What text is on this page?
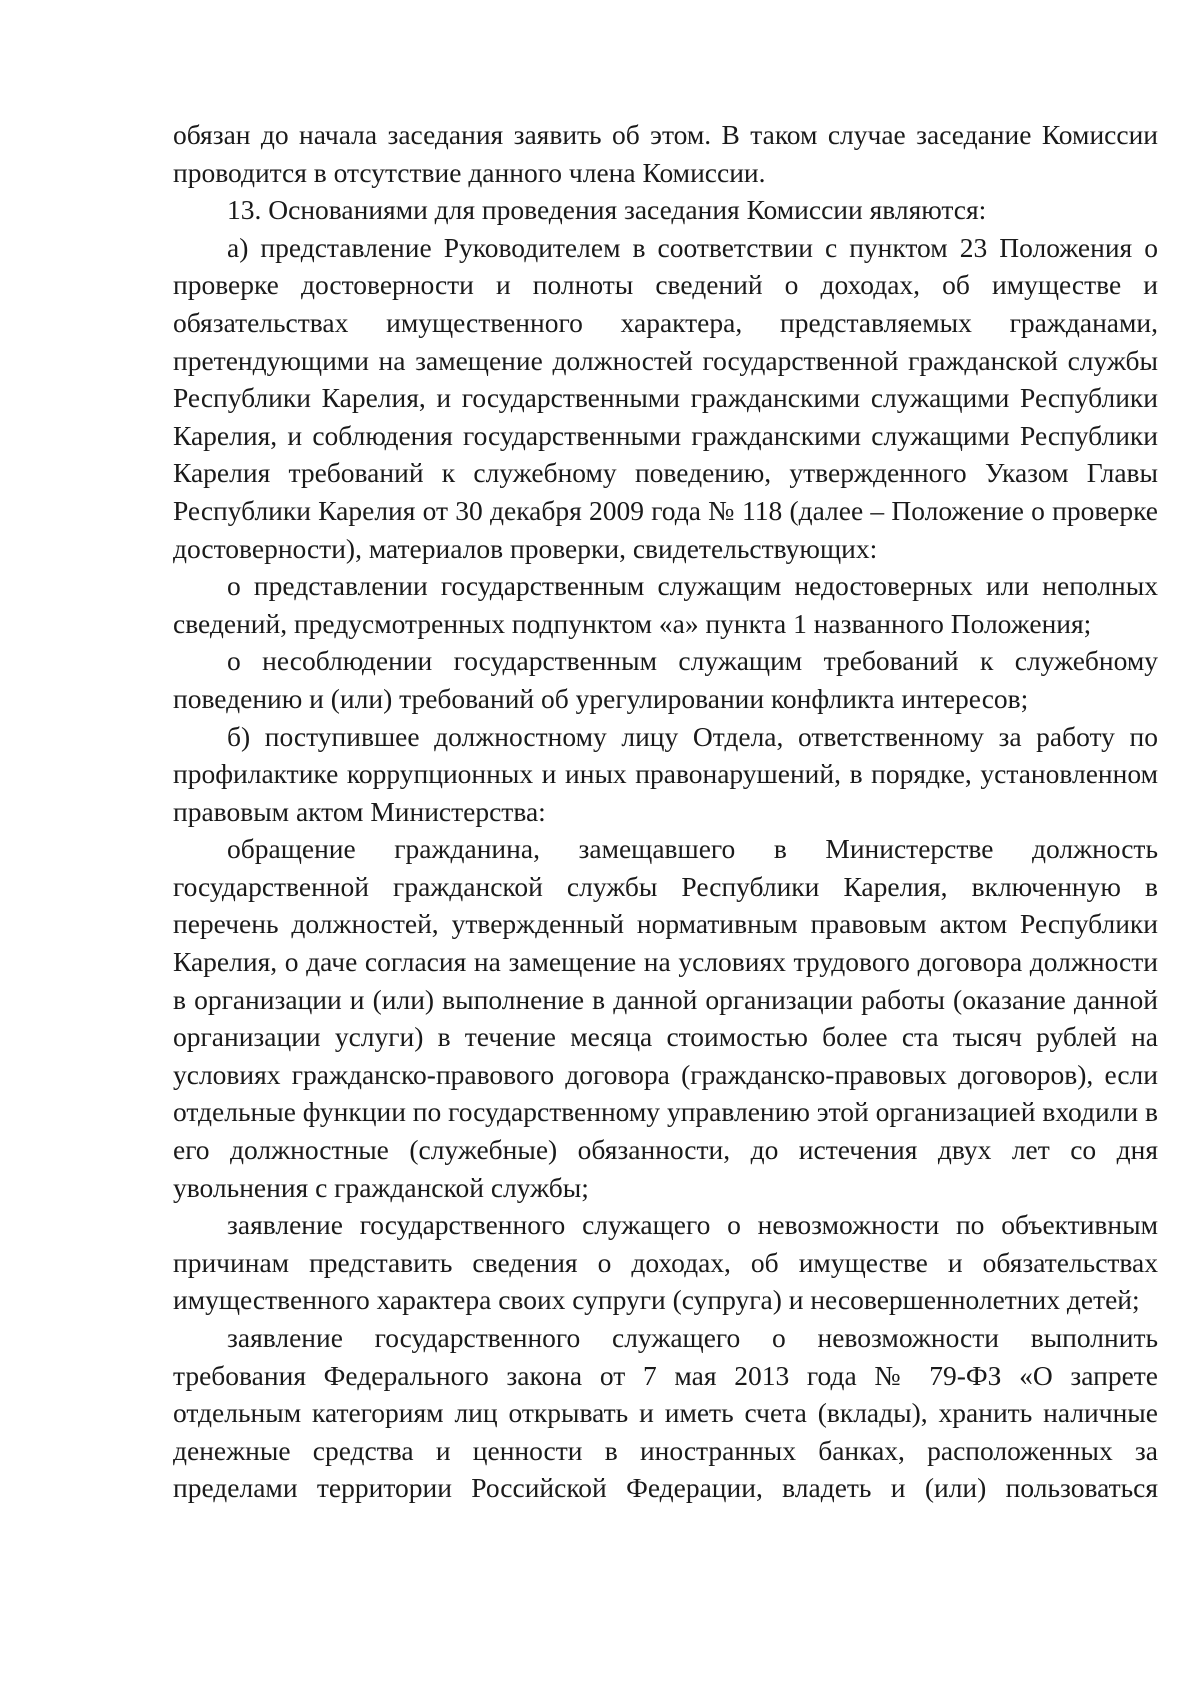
обязан до начала заседания заявить об этом. В таком случае заседание Комиссии проводится в отсутствие данного члена Комиссии.

13. Основаниями для проведения заседания Комиссии являются:

а) представление Руководителем в соответствии с пунктом 23 Положения о проверке достоверности и полноты сведений о доходах, об имуществе и обязательствах имущественного характера, представляемых гражданами, претендующими на замещение должностей государственной гражданской службы Республики Карелия, и государственными гражданскими служащими Республики Карелия, и соблюдения государственными гражданскими служащими Республики Карелия требований к служебному поведению, утвержденного Указом Главы Республики Карелия от 30 декабря 2009 года № 118 (далее – Положение о проверке достоверности), материалов проверки, свидетельствующих:

о представлении государственным служащим недостоверных или неполных сведений, предусмотренных подпунктом «а» пункта 1 названного Положения;

о несоблюдении государственным служащим требований к служебному поведению и (или) требований об урегулировании конфликта интересов;

б) поступившее должностному лицу Отдела, ответственному за работу по профилактике коррупционных и иных правонарушений, в порядке, установленном правовым актом Министерства:

обращение гражданина, замещавшего в Министерстве должность государственной гражданской службы Республики Карелия, включенную в перечень должностей, утвержденный нормативным правовым актом Республики Карелия, о даче согласия на замещение на условиях трудового договора должности в организации и (или) выполнение в данной организации работы (оказание данной организации услуги) в течение месяца стоимостью более ста тысяч рублей на условиях гражданско-правового договора (гражданско-правовых договоров), если отдельные функции по государственному управлению этой организацией входили в его должностные (служебные) обязанности, до истечения двух лет со дня увольнения с гражданской службы;

заявление государственного служащего о невозможности по объективным причинам представить сведения о доходах, об имуществе и обязательствах имущественного характера своих супруги (супруга) и несовершеннолетних детей;

заявление государственного служащего о невозможности выполнить требования Федерального закона от 7 мая 2013 года № 79-ФЗ «О запрете отдельным категориям лиц открывать и иметь счета (вклады), хранить наличные денежные средства и ценности в иностранных банках, расположенных за пределами территории Российской Федерации, владеть и (или) пользоваться
